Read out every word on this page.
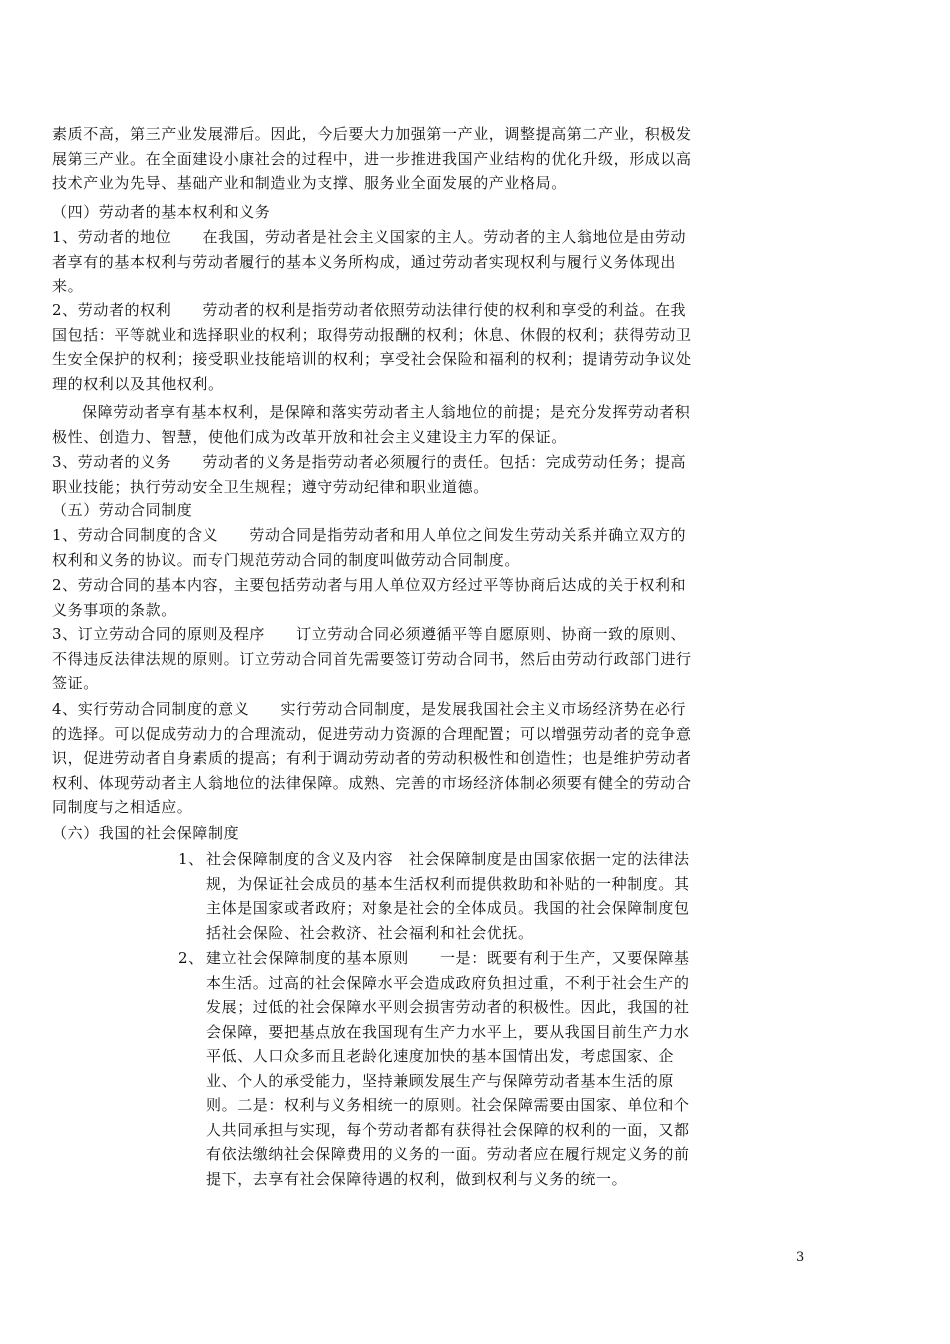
素质不高，第三产业发展滞后。因此，今后要大力加强第一产业，调整提高第二产业，积极发展第三产业。在全面建设小康社会的过程中，进一步推进我国产业结构的优化升级，形成以高技术产业为先导、基础产业和制造业为支撑、服务业全面发展的产业格局。

（四）劳动者的基本权利和义务

1、劳动者的地位　　在我国，劳动者是社会主义国家的主人。劳动者的主人翁地位是由劳动者享有的基本权利与劳动者履行的基本义务所构成，通过劳动者实现权利与履行义务体现出来。

2、劳动者的权利　　劳动者的权利是指劳动者依照劳动法律行使的权利和享受的利益。在我国包括：平等就业和选择职业的权利；取得劳动报酬的权利；休息、休假的权利；获得劳动卫生安全保护的权利；接受职业技能培训的权利；享受社会保险和福利的权利；提请劳动争议处理的权利以及其他权利。

保障劳动者享有基本权利，是保障和落实劳动者主人翁地位的前提；是充分发挥劳动者积极性、创造力、智慧，使他们成为改革开放和社会主义建设主力军的保证。

3、劳动者的义务　　劳动者的义务是指劳动者必须履行的责任。包括：完成劳动任务；提高职业技能；执行劳动安全卫生规程；遵守劳动纪律和职业道德。

（五）劳动合同制度

1、劳动合同制度的含义　　劳动合同是指劳动者和用人单位之间发生劳动关系并确立双方的权利和义务的协议。而专门规范劳动合同的制度叫做劳动合同制度。

2、劳动合同的基本内容，主要包括劳动者与用人单位双方经过平等协商后达成的关于权利和义务事项的条款。

3、订立劳动合同的原则及程序　　订立劳动合同必须遵循平等自愿原则、协商一致的原则、不得违反法律法规的原则。订立劳动合同首先需要签订劳动合同书，然后由劳动行政部门进行签证。

4、实行劳动合同制度的意义　　实行劳动合同制度，是发展我国社会主义市场经济势在必行的选择。可以促成劳动力的合理流动，促进劳动力资源的合理配置；可以增强劳动者的竞争意识，促进劳动者自身素质的提高；有利于调动劳动者的劳动积极性和创造性；也是维护劳动者权利、体现劳动者主人翁地位的法律保障。成熟、完善的市场经济体制必须要有健全的劳动合同制度与之相适应。

（六）我国的社会保障制度

1、 社会保障制度的含义及内容　社会保障制度是由国家依据一定的法律法规，为保证社会成员的基本生活权利而提供救助和补贴的一种制度。其主体是国家或者政府；对象是社会的全体成员。我国的社会保障制度包括社会保险、社会救济、社会福利和社会优抚。

2、 建立社会保障制度的基本原则　　一是：既要有利于生产，又要保障基本生活。过高的社会保障水平会造成政府负担过重，不利于社会生产的发展；过低的社会保障水平则会损害劳动者的积极性。因此，我国的社会保障，要把基点放在我国现有生产力水平上，要从我国目前生产力水平低、人口众多而且老龄化速度加快的基本国情出发，考虑国家、企业、个人的承受能力，坚持兼顾发展生产与保障劳动者基本生活的原则。二是：权利与义务相统一的原则。社会保障需要由国家、单位和个人共同承担与实现，每个劳动者都有获得社会保障的权利的一面，又都有依法缴纳社会保障费用的义务的一面。劳动者应在履行规定义务的前提下，去享有社会保障待遇的权利，做到权利与义务的统一。

3
